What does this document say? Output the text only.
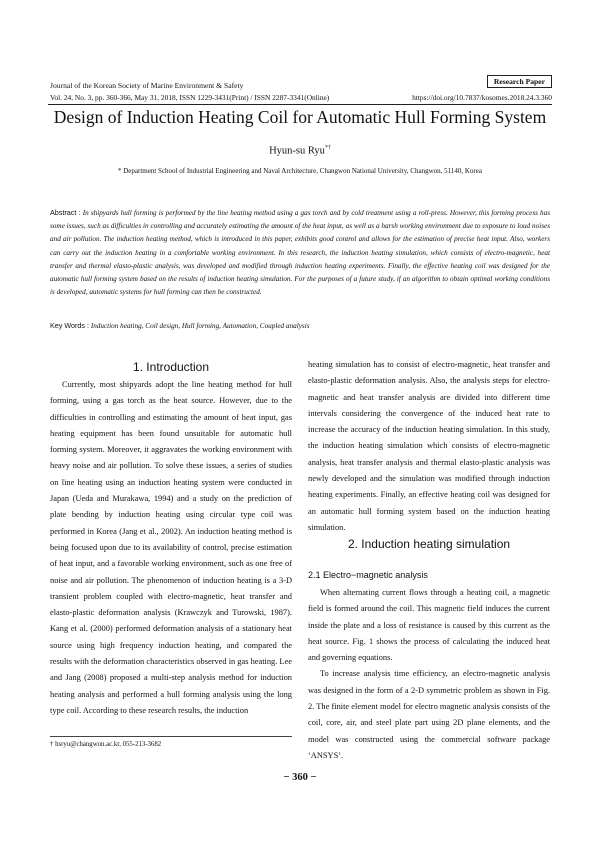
Journal of the Korean Society of Marine Environment & Safety	Research Paper
Vol. 24, No. 3, pp. 360-366, May 31, 2018, ISSN 1229-3431(Print) / ISSN 2287-3341(Online)	https://doi.org/10.7837/kosomes.2018.24.3.360
Design of Induction Heating Coil for Automatic Hull Forming System
Hyun-su Ryu*†
* Department School of Industrial Engineering and Naval Architecture, Changwon National University, Changwon, 51140, Korea
Abstract : In shipyards hull forming is performed by the line heating method using a gas torch and by cold treatment using a roll-press. However, this forming process has some issues, such as difficulties in controlling and accurately estimating the amount of the heat input, as well as a harsh working environment due to exposure to loud noises and air pollution. The induction heating method, which is introduced in this paper, exhibits good control and allows for the estimation of precise heat input. Also, workers can carry out the induction heating in a comfortable working environment. In this research, the induction heating simulation, which consists of electro-magnetic, heat transfer and thermal elasto-plastic analysis, was developed and modified through induction heating experiments. Finally, the effective heating coil was designed for the automatic hull forming system based on the results of induction heating simulation. For the purposes of a future study, if an algorithm to obtain optimal working conditions is developed, automatic systems for hull forming can then be constructed.
Key Words : Induction heating, Coil design, Hull forming, Automation, Coupled analysis
1. Introduction

Currently, most shipyards adopt the line heating method for hull forming, using a gas torch as the heat source. However, due to the difficulties in controlling and estimating the amount of heat input, gas heating equipment has been found unsuitable for automatic hull forming system. Moreover, it aggravates the working environment with heavy noise and air pollution. To solve these issues, a series of studies on line heating using an induction heating system were conducted in Japan (Ueda and Murakawa, 1994) and a study on the prediction of plate bending by induction heating using circular type coil was performed in Korea (Jang et al., 2002). An induction heating method is being focused upon due to its availability of control, precise estimation of heat input, and a favorable working environment, such as one free of noise and air pollution. The phenomenon of induction heating is a 3-D transient problem coupled with electro-magnetic, heat transfer and elasto-plastic deformation analysis (Krawczyk and Turowski, 1987). Kang et al. (2000) performed deformation analysis of a stationary heat source using high frequency induction heating, and compared the results with the deformation characteristics observed in gas heating. Lee and Jang (2008) proposed a multi-step analysis method for induction heating analysis and performed a hull forming analysis using the long type coil. According to these research results, the induction

heating simulation has to consist of electro-magnetic, heat transfer and elasto-plastic deformation analysis. Also, the analysis steps for electro-magnetic and heat transfer analysis are divided into different time intervals considering the convergence of the induced heat rate to increase the accuracy of the induction heating simulation. In this study, the induction heating simulation which consists of electro-magnetic analysis, heat transfer analysis and thermal elasto-plastic analysis was newly developed and the simulation was modified through induction heating experiments. Finally, an effective heating coil was designed for an automatic hull forming system based on the induction heating simulation.

2. Induction heating simulation
2.1 Electro−magnetic analysis

When alternating current flows through a heating coil, a magnetic field is formed around the coil. This magnetic field induces the current inside the plate and a loss of resistance is caused by this current as the heat source. Fig. 1 shows the process of calculating the induced heat and governing equations.

To increase analysis time efficiency, an electro-magnetic analysis was designed in the form of a 2-D symmetric problem as shown in Fig. 2. The finite element model for electro magnetic analysis consists of the coil, core, air, and steel plate part using 2D plane elements, and the model was constructed using the commercial software package ‘ANSYS’.

† hsryu@changwon.ac.kr, 055-213-3682
− 360 −
